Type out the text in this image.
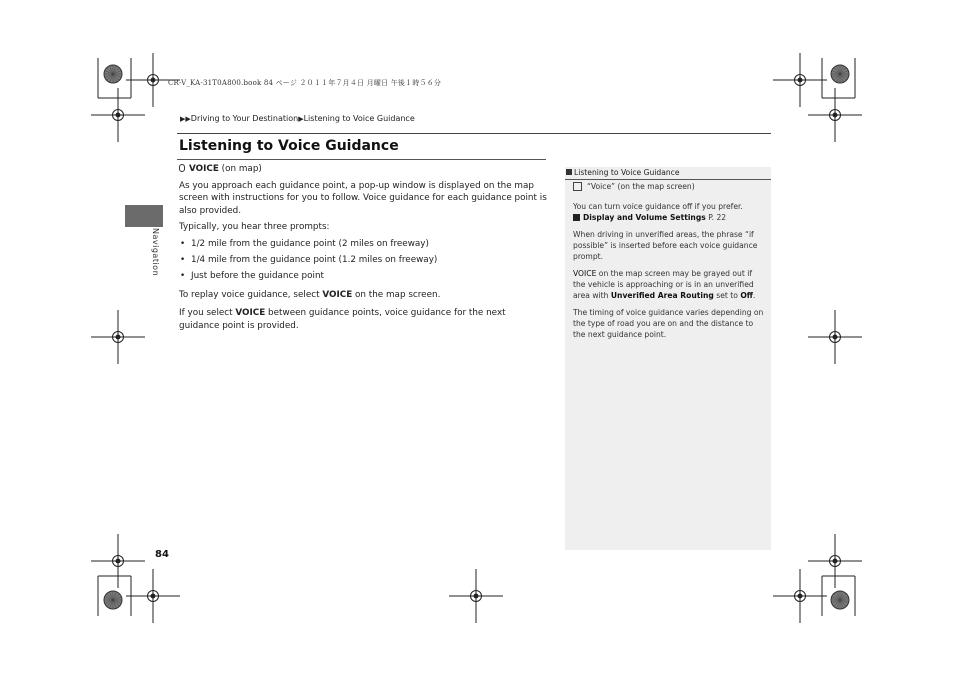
CR-V_KA-31T0A800.book 84 ページ ２０１１年７月４日 月曜日 午後１時５６分
▶▶Driving to Your Destination▶Listening to Voice Guidance
Navigation
Listening to Voice Guidance

VOICE (on map)

As you approach each guidance point, a pop-up window is displayed on the map screen with instructions for you to follow. Voice guidance for each guidance point is also provided.

Typically, you hear three prompts:

• 1/2 mile from the guidance point (2 miles on freeway)
• 1/4 mile from the guidance point (1.2 miles on freeway)
• Just before the guidance point

To replay voice guidance, select VOICE on the map screen.

If you select VOICE between guidance points, voice guidance for the next guidance point is provided.

Listening to Voice Guidance

“Voice” (on the map screen)

You can turn voice guidance off if you prefer.
Display and Volume Settings P. 22

When driving in unverified areas, the phrase “if possible” is inserted before each voice guidance prompt.

VOICE on the map screen may be grayed out if the vehicle is approaching or is in an unverified area with Unverified Area Routing set to Off.

The timing of voice guidance varies depending on the type of road you are on and the distance to the next guidance point.

84
